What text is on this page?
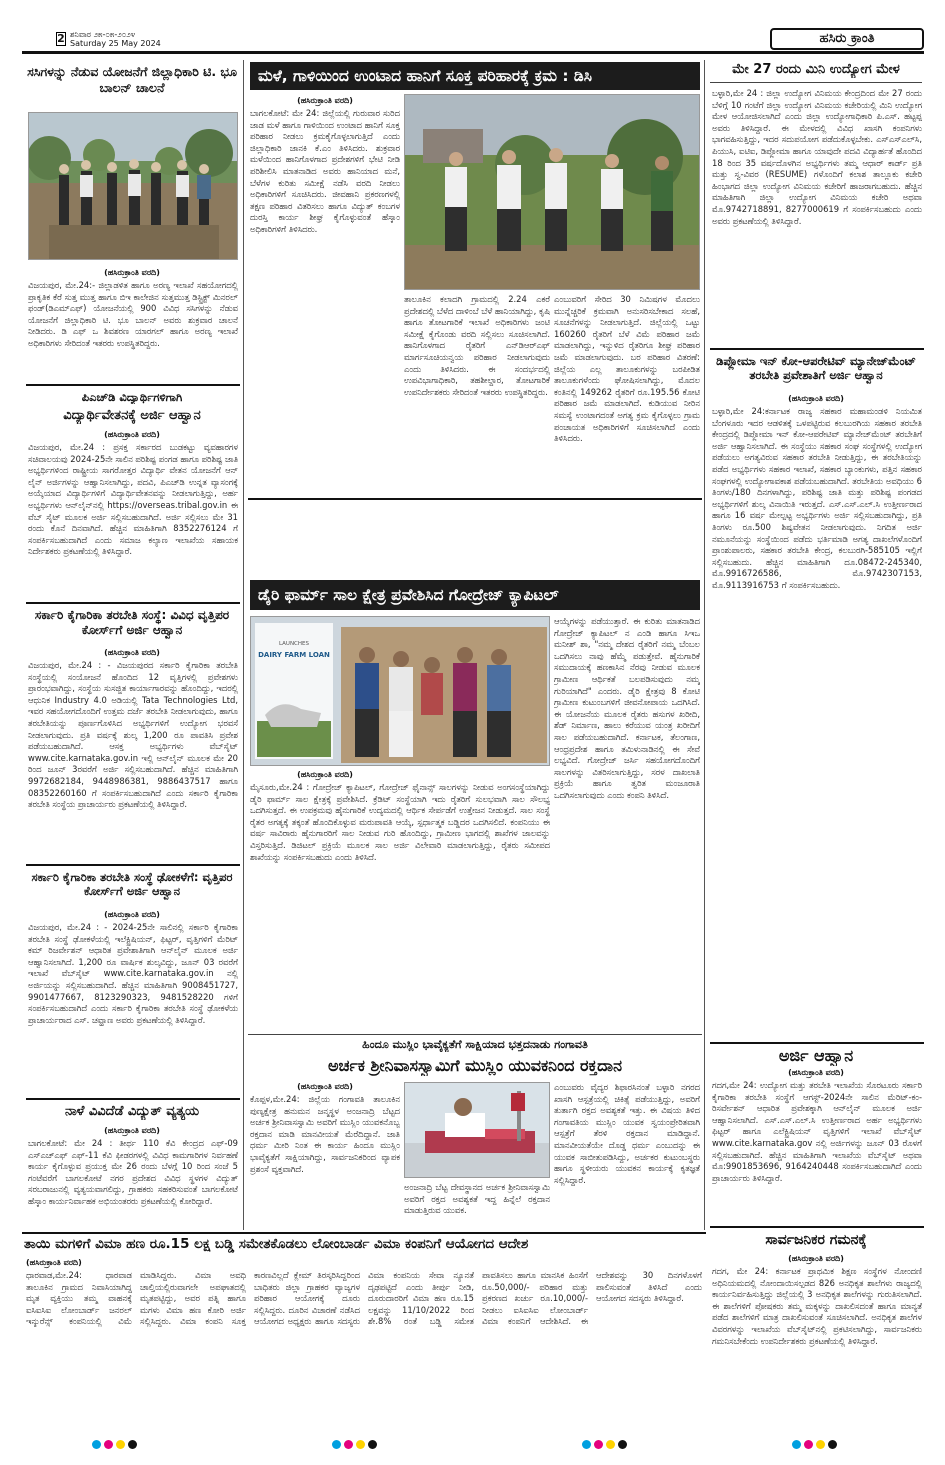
2 ಶನಿವಾರ ೨೫-೦೫-೨೦೨೪
Saturday 25 May 2024	ಹಸಿರು ಕ್ರಾಂತಿ
ಸಸಿಗಳನ್ನು ನೆಡುವ ಯೋಜನೆಗೆ ಜಿಲ್ಲಾಧಿಕಾರಿ ಟಿ. ಭೂ ಬಾಲನ್ ಚಾಲನೆ
(ಹಸಿರುಕ್ರಾಂತಿ ವರದಿ)
ವಿಜಯಪುರ, ಮೇ.24:- ಜಿಲ್ಲಾಡಳಿತ ಹಾಗೂ ಅರಣ್ಯ ಇಲಾಖೆ ಸಹಯೋಗದಲ್ಲಿ ಪ್ರಾಕೃತಿಕ ಕೆರೆ ಸುತ್ತ ಮುತ್ತ ಹಾಗೂ ಬಿಇ ಕಾಲೇಜಿನ ಸುತ್ತಮುತ್ತ ಡಿಸ್ಟ್ರಿಕ್ಟ್ ಮಿನರಲ್ ಫಂಡ್(ಡಿಎಮ್ಎಫ್) ಯೋಜನೆಯಲ್ಲಿ 900 ವಿವಿಧ ಸಸಿಗಳನ್ನು ನೆಡುವ ಯೋಜನೆಗೆ ಜಿಲ್ಲಾಧಿಕಾರಿ ಟಿ. ಭೂ ಬಾಲನ್ ಅವರು ಶುಕ್ರವಾರ ಚಾಲನೆ ನೀಡಿದರು. ಡಿ ಎಫ್ ಒ ಶಿವಶರಣ ಯಾರಗಲ್ ಹಾಗೂ ಅರಣ್ಯ ಇಲಾಖೆ ಅಧಿಕಾರಿಗಳು ಸೇರಿದಂತೆ ಇತರರು ಉಪಸ್ಥಿತರಿದ್ದರು.
ಪಿಎಚ್‌ಡಿ ವಿದ್ಯಾರ್ಥಿಗಳಿಗಾಗಿ
ವಿದ್ಯಾರ್ಥಿವೇತನಕ್ಕೆ ಅರ್ಜಿ ಆಹ್ವಾನ
(ಹಸಿರುಕ್ರಾಂತಿ ವರದಿ)
ವಿಜಯಪುರ, ಮೇ.24 : ಪ್ರಸಕ್ತ ಸರ್ಕಾರದ ಬುಡಕಟ್ಟು ವ್ಯವಹಾರಗಳ ಸಚಿವಾಲಯವು 2024-25ನೇ ಸಾಲಿನ ಪರಿಶಿಷ್ಟ ಪಂಗಡ ಹಾಗೂ ಪರಿಶಿಷ್ಟ ಜಾತಿ ಅಭ್ಯರ್ಥಿಗಳಿಂದ ರಾಷ್ಟ್ರೀಯ ಸಾಗರೋತ್ತರ ವಿದ್ಯಾರ್ಥಿ ವೇತನ ಯೋಜನೆಗೆ ಆನ್ ಲೈನ್ ಅರ್ಜಿಗಳನ್ನು ಆಹ್ವಾನಿಸಲಾಗಿದ್ದು, ಪದವಿ, ಪಿಎಚ್‌ಡಿ ಉನ್ನತ ವ್ಯಾಸಂಗಕ್ಕೆ ಅಯ್ಕೆಯಾದ ವಿದ್ಯಾರ್ಥಿಗಳಿಗೆ ವಿದ್ಯಾರ್ಥಿವೇತನವನ್ನು ನೀಡಲಾಗುತ್ತಿದ್ದು, ಅರ್ಹ ಅಭ್ಯರ್ಥಿಗಳು ಆನ್‌ಲೈನ್‌ನಲ್ಲಿ https://overseas.tribal.gov.in ಈ ವೆಬ್ ಸೈಟ್ ಮೂಲಕ ಅರ್ಜಿ ಸಲ್ಲಿಸಬಹುದಾಗಿದೆ. ಅರ್ಜಿ ಸಲ್ಲಿಸಲು ಮೇ 31 ರಂದು ಕೊನೆ ದಿನವಾಗಿದೆ. ಹೆಚ್ಚಿನ ಮಾಹಿತಿಗಾಗಿ 8352276124 ಗೆ ಸಂಪರ್ಕಿಸಬಹುದಾಗಿದೆ ಎಂದು ಸಮಾಜ ಕಲ್ಯಾಣ ಇಲಾಖೆಯ ಸಹಾಯಕ ನಿರ್ದೇಶಕರು ಪ್ರಕಟಣೆಯಲ್ಲಿ ತಿಳಿಸಿದ್ದಾರೆ.
ಸರ್ಕಾರಿ ಕೈಗಾರಿಕಾ ತರಬೇತಿ ಸಂಸ್ಥೆ: ವಿವಿಧ ವೃತ್ತಿಪರ ಕೋರ್ಸ್‌ಗೆ ಅರ್ಜಿ ಆಹ್ವಾನ
(ಹಸಿರುಕ್ರಾಂತಿ ವರದಿ)
ವಿಜಯಪುರ, ಮೇ.24 : - ವಿಜಯಪುರದ ಸರ್ಕಾರಿ ಕೈಗಾರಿಕಾ ತರಬೇತಿ ಸಂಸ್ಥೆಯಲ್ಲಿ ಸಂಯೋಜನೆ ಹೊಂದಿದ 12 ವೃತ್ತಿಗಳಲ್ಲಿ ಪ್ರವೇಶಗಳು ಪ್ರಾರಂಭವಾಗಿದ್ದು, ಸಂಸ್ಥೆಯ ಸುಸಜ್ಜಿತ ಕಾರ್ಯಾಗಾರವನ್ನು ಹೊಂದಿದ್ದು, ಇದರಲ್ಲಿ ಆಧುನಿಕ Industry 4.0 ಅಡಿಯಲ್ಲಿ Tata Technologies Ltd, ಇವರ ಸಹಯೋಗದೊಂದಿಗೆ ಉತ್ತಮ ದರ್ಜೆ ತರಬೇತಿ ನೀಡಲಾಗುವುದು, ಹಾಗೂ ತರಬೇತಿಯನ್ನು ಪೂರ್ಣಗೊಳಿಸಿದ ಅಭ್ಯರ್ಥಿಗಳಿಗೆ ಉದ್ಯೋಗ ಭರವಸೆ ನೀಡಲಾಗುವುದು. ಪ್ರತಿ ವರ್ಷಕ್ಕೆ ಶುಲ್ಕ 1,200 ರೂ ಪಾವತಿಸಿ ಪ್ರವೇಶ ಪಡೆಯಬಹುದಾಗಿದೆ. ಆಸಕ್ತ ಅಭ್ಯರ್ಥಿಗಳು ವೆಬ್‌ಸೈಟ್ www.cite.karnataka.gov.in ಇಲ್ಲಿ ಆನ್‌ಲೈನ್ ಮೂಲಕ ಮೇ 20 ರಿಂದ ಜೂನ್ 3ರವರೆಗೆ ಅರ್ಜಿ ಸಲ್ಲಿಸಬಹುದಾಗಿದೆ. ಹೆಚ್ಚಿನ ಮಾಹಿತಿಗಾಗಿ 9972682184, 9448986381, 9886437517 ಹಾಗೂ 08352260160 ಗೆ ಸಂಪರ್ಕಿಸಬಹುದಾಗಿದೆ ಎಂದು ಸರ್ಕಾರಿ ಕೈಗಾರಿಕಾ ತರಬೇತಿ ಸಂಸ್ಥೆಯ ಪ್ರಾಚಾರ್ಯರು ಪ್ರಕಟಣೆಯಲ್ಲಿ ತಿಳಿಸಿದ್ದಾರೆ.
ಸರ್ಕಾರಿ ಕೈಗಾರಿಕಾ ತರಬೇತಿ ಸಂಸ್ಥೆ ಢೋಕಳೆಗೆ: ವೃತ್ತಿಪರ ಕೋರ್ಸ್‌ಗೆ ಅರ್ಜಿ ಆಹ್ವಾನ
(ಹಸಿರುಕ್ರಾಂತಿ ವರದಿ)
ವಿಜಯಪುರ, ಮೇ.24 : - 2024-25ನೇ ಸಾಲಿನಲ್ಲಿ ಸರ್ಕಾರಿ ಕೈಗಾರಿಕಾ ತರಬೇತಿ ಸಂಸ್ಥೆ ಢೋಕಳೆಯಲ್ಲಿ ಇಲೆಕ್ಟ್ರಿಷಿಯನ್, ಫಿಟ್ಟರ್, ವೃತ್ತಿಗಳಿಗೆ ಮೆರಿಟ್ ಕಮ್ ರಿಜರ್ವೇಶನ್ ಆಧಾರಿತ ಪ್ರವೇಶಾತಿಗಾಗಿ ಆನ್‌ಲೈನ್ ಮೂಲಕ ಅರ್ಜಿ ಆಹ್ವಾನಿಸಲಾಗಿದೆ. 1,200 ರೂ ವಾರ್ಷಿಕ ಶುಲ್ಕವಿದ್ದು, ಜೂನ್ 03 ರವರೆಗೆ ಇಲಾಖೆ ವೆಬ್‌ಸೈಟ್ www.cite.karnataka.gov.in ನಲ್ಲಿ ಅರ್ಜಿಯನ್ನು ಸಲ್ಲಿಸಬಹುದಾಗಿದೆ. ಹೆಚ್ಚಿನ ಮಾಹಿತಿಗಾಗಿ 9008451727, 9901477667, 8123290323, 9481528220 ಗಳಿಗೆ ಸಂಪರ್ಕಿಸಬಹುದಾಗಿದೆ ಎಂದು ಸರ್ಕಾರಿ ಕೈಗಾರಿಕಾ ತರಬೇತಿ ಸಂಸ್ಥೆ ಢೋಕಳೆಯ ಪ್ರಾಚಾರ್ಯರಾದ ಎಸ್. ಚವ್ಹಾಣ ಅವರು ಪ್ರಕಟಣೆಯಲ್ಲಿ ತಿಳಿಸಿದ್ದಾರೆ.
ನಾಳೆ ವಿವಿದೆಡೆ ವಿದ್ಯುತ್ ವ್ಯತ್ಯಯ
(ಹಸಿರುಕ್ರಾಂತಿ ವರದಿ)
ಬಾಗಲಕೋಟೆ: ಮೇ 24 : ತೀರ್ಥ 110 ಕೆವಿ ಕೇಂದ್ರದ ಎಫ್-09 ಎಸ್‌ಎಚ್‌ಎಫ್ ಎಫ್-11 ಕೆವಿ ಫೀಡರಗಳಲ್ಲಿ ವಿವಿಧ ಕಾಮಗಾರಿಗಳ ನಿರ್ವಹಣೆ ಕಾರ್ಯ ಕೈಗೊಳ್ಳುವ ಪ್ರಯುಕ್ತ ಮೇ 26 ರಂದು ಬೆಳಗ್ಗೆ 10 ರಿಂದ ಸಂಜೆ 5 ಗಂಟೆವರೆಗೆ ಬಾಗಲಕೋಟೆ ನಗರ ಪ್ರದೇಶದ ವಿವಿಧ ಸ್ಥಳಗಳ ವಿದ್ಯುತ್ ಸರಬರಾಜುನಲ್ಲಿ ವ್ಯತ್ಯಯವಾಗಲಿದ್ದು, ಗ್ರಾಹಕರು ಸಹಕರಿಸುವಂತೆ ಬಾಗಲಕೋಟೆ ಹೆಸ್ಕಾಂ ಕಾರ್ಯನಿರ್ವಾಹಕ ಅಭಿಯಂತರರು ಪ್ರಕಟಣೆಯಲ್ಲಿ ಕೋರಿದ್ದಾರೆ.
ಮಳೆ, ಗಾಳಿಯಿಂದ ಉಂಟಾದ ಹಾನಿಗೆ ಸೂಕ್ತ ಪರಿಹಾರಕ್ಕೆ ಕ್ರಮ : ಡಿಸಿ
(ಹಸಿರುಕ್ರಾಂತಿ ವರದಿ)
ಬಾಗಲಕೋಟೆ: ಮೇ 24: ಜಿಲ್ಲೆಯಲ್ಲಿ ಗುರುವಾರ ಸುರಿದ ಜಾಡ ಮಳೆ ಹಾಗೂ ಗಾಳಿಯಿಂದ ಉಂಟಾದ ಹಾನಿಗೆ ಸೂಕ್ತ ಪರಿಹಾರ ನೀಡಲು ಕ್ರಮಕೈಗೊಳ್ಳಲಾಗುತ್ತಿದೆ ಎಂದು ಜಿಲ್ಲಾಧಿಕಾರಿ ಜಾನಕಿ ಕೆ.ಎಂ ತಿಳಿಸಿದರು. ಶುಕ್ರವಾರ ಮಳೆಯಿಂದ ಹಾನಿಗೊಳಗಾದ ಪ್ರದೇಶಗಳಿಗೆ ಭೇಟಿ ನೀಡಿ ಪರಿಶೀಲಿಸಿ ಮಾತನಾಡಿದ ಅವರು ಹಾನಿಯಾದ ಮನೆ, ಬೆಳೆಗಳ ಕುರಿತು ಸಮೀಕ್ಷೆ ನಡೆಸಿ ವರದಿ ನೀಡಲು ಅಧಿಕಾರಿಗಳಿಗೆ ಸೂಚಿಸಿದರು. ಜೀವಹಾನಿ ಪ್ರಕರಣಗಳಲ್ಲಿ ತಕ್ಷಣ ಪರಿಹಾರ ವಿತರಿಸಲು ಹಾಗೂ ವಿದ್ಯುತ್ ಕಂಬಗಳ ದುರಸ್ತಿ ಕಾರ್ಯ ಶೀಘ್ರ ಕೈಗೊಳ್ಳುವಂತೆ ಹೆಸ್ಕಾಂ ಅಧಿಕಾರಿಗಳಿಗೆ ತಿಳಿಸಿದರು.
ತಾಲೂಕಿನ ಕಲಾದಗಿ ಗ್ರಾಮದಲ್ಲಿ 2.24 ಎಕರೆ ಪ್ರದೇಶದಲ್ಲಿ ಬೆಳೆದ ದಾಳಿಂಬೆ ಬೆಳೆ ಹಾನಿಯಾಗಿದ್ದು, ಕೃಷಿ ಹಾಗೂ ತೋಟಗಾರಿಕೆ ಇಲಾಖೆ ಅಧಿಕಾರಿಗಳು ಜಂಟಿ ಸಮೀಕ್ಷೆ ಕೈಗೊಂಡು ವರದಿ ಸಲ್ಲಿಸಲು ಸೂಚಿಸಲಾಗಿದೆ. ಹಾನಿಗೊಳಗಾದ ರೈತರಿಗೆ ಎನ್‌ಡಿಆರ್‌ಎಫ್ ಮಾರ್ಗಸೂಚಿಯನ್ವಯ ಪರಿಹಾರ ನೀಡಲಾಗುವುದು ಎಂದು ತಿಳಿಸಿದರು. ಈ ಸಂದರ್ಭದಲ್ಲಿ ಉಪವಿಭಾಗಾಧಿಕಾರಿ, ತಹಶೀಲ್ದಾರ, ತೋಟಗಾರಿಕೆ ಉಪನಿರ್ದೇಶಕರು ಸೇರಿದಂತೆ ಇತರರು ಉಪಸ್ಥಿತರಿದ್ದರು.
ಎಂಬುವರಿಗೆ ಸೇರಿದ 30 ನಿಮಿಷಗಳ ಮೊದಲು ಮುನ್ನೆಚ್ಚರಿಕೆ ಕ್ರಮವಾಗಿ ಅನುಸರಿಸಬೇಕಾದ ಸಲಹೆ, ಸೂಚನೆಗಳನ್ನು ನೀಡಲಾಗುತ್ತಿದೆ. ಜಿಲ್ಲೆಯಲ್ಲಿ ಒಟ್ಟು 160260 ರೈತರಿಗೆ ಬೆಳೆ ವಿಮೆ ಪರಿಹಾರ ಜಮೆ ಮಾಡಲಾಗಿದ್ದು, ಇನ್ನುಳಿದ ರೈತರಿಗೂ ಶೀಘ್ರ ಪರಿಹಾರ ಜಮೆ ಮಾಡಲಾಗುವುದು. ಬರ ಪರಿಹಾರ ವಿತರಣೆ: ಜಿಲ್ಲೆಯ ಎಲ್ಲ ತಾಲೂಕುಗಳನ್ನು ಬರಪೀಡಿತ ತಾಲೂಕುಗಳೆಂದು ಘೋಷಿಸಲಾಗಿದ್ದು, ಮೊದಲ ಕಂತಿನಲ್ಲಿ 149262 ರೈತರಿಗೆ ರೂ.195.56 ಕೋಟಿ ಪರಿಹಾರ ಜಮೆ ಮಾಡಲಾಗಿದೆ. ಕುಡಿಯುವ ನೀರಿನ ಸಮಸ್ಯೆ ಉಂಟಾಗದಂತೆ ಅಗತ್ಯ ಕ್ರಮ ಕೈಗೊಳ್ಳಲು ಗ್ರಾಮ ಪಂಚಾಯತ ಅಧಿಕಾರಿಗಳಿಗೆ ಸೂಚಿಸಲಾಗಿದೆ ಎಂದು ತಿಳಿಸಿದರು.
ಡೈರಿ ಫಾರ್ಮ್ ಸಾಲ ಕ್ಷೇತ್ರ ಪ್ರವೇಶಿಸಿದ ಗೋದ್ರೇಜ್ ಕ್ಯಾಪಿಟಲ್
LAUNCHES
DAIRY FARM LOAN
(ಹಸಿರುಕ್ರಾಂತಿ ವರದಿ)
ಆಯ್ಕೆಗಳನ್ನು ಪಡೆಯುತ್ತಾರೆ. ಈ ಕುರಿತು ಮಾತನಾಡಿದ ಗೋದ್ರೇಜ್ ಕ್ಯಾಪಿಟಲ್ ನ ಎಂಡಿ ಹಾಗೂ ಸಿಇಒ ಮನೀಶ್ ಶಾ, "ನಮ್ಮ ದೇಶದ ರೈತರಿಗೆ ನಮ್ಮ ಬೆಂಬಲ ಒದಗಿಸಲು ನಾವು ಹೆಮ್ಮೆ ಪಡುತ್ತೇವೆ. ಹೈನುಗಾರಿಕೆ ಸಮುದಾಯಕ್ಕೆ ಹಣಕಾಸಿನ ನೆರವು ನೀಡುವ ಮೂಲಕ ಗ್ರಾಮೀಣ ಆರ್ಥಿಕತೆ ಬಲಪಡಿಸುವುದು ನಮ್ಮ ಗುರಿಯಾಗಿದೆ" ಎಂದರು. ಡೈರಿ ಕ್ಷೇತ್ರವು 8 ಕೋಟಿ ಗ್ರಾಮೀಣ ಕುಟುಂಬಗಳಿಗೆ ಜೀವನೋಪಾಯ ಒದಗಿಸಿದೆ. ಈ ಯೋಜನೆಯ ಮೂಲಕ ರೈತರು ಹಸುಗಳ ಖರೀದಿ, ಶೆಡ್ ನಿರ್ಮಾಣ, ಹಾಲು ಕರೆಯುವ ಯಂತ್ರ ಖರೀದಿಗೆ ಸಾಲ ಪಡೆಯಬಹುದಾಗಿದೆ. ಕರ್ನಾಟಕ, ತೆಲಂಗಾಣ, ಆಂಧ್ರಪ್ರದೇಶ ಹಾಗೂ ತಮಿಳುನಾಡಿನಲ್ಲಿ ಈ ಸೇವೆ ಲಭ್ಯವಿದೆ. ಗೋದ್ರೇಜ್ ಜರ್ಸಿ ಸಹಯೋಗದೊಂದಿಗೆ ಸಾಲಗಳನ್ನು ವಿತರಿಸಲಾಗುತ್ತಿದ್ದು, ಸರಳ ದಾಖಲಾತಿ ಪ್ರಕ್ರಿಯೆ ಹಾಗೂ ತ್ವರಿತ ಮಂಜೂರಾತಿ ಒದಗಿಸಲಾಗುವುದು ಎಂದು ಕಂಪನಿ ತಿಳಿಸಿದೆ.
ಮೈಸೂರು,ಮೇ.24 : ಗೋದ್ರೇಜ್ ಕ್ಯಾಪಿಟಲ್, ಗೋದ್ರೇಜ್ ಫೈನಾನ್ಸ್ ಸಾಲಗಳನ್ನು ನೀಡುವ ಅಂಗಸಂಸ್ಥೆಯಾಗಿದ್ದು ಡೈರಿ ಫಾರ್ಮ್ ಸಾಲ ಕ್ಷೇತ್ರಕ್ಕೆ ಪ್ರವೇಶಿಸಿದೆ. ಕ್ರೆಡಿಟ್ ಸಂಸ್ಥೆಯಾಗಿ ಇದು ರೈತರಿಗೆ ಸುಲಭವಾಗಿ ಸಾಲ ಸೌಲಭ್ಯ ಒದಗಿಸುತ್ತದೆ. ಈ ಉಪಕ್ರಮವು ಹೈನುಗಾರಿಕೆ ಉದ್ಯಮದಲ್ಲಿ ಆರ್ಥಿಕ ಸೇರ್ಪಡೆಗೆ ಉತ್ತೇಜನ ನೀಡುತ್ತದೆ. ಸಾಲ ಸಂಸ್ಥೆ ರೈತರ ಅಗತ್ಯಕ್ಕೆ ತಕ್ಕಂತೆ ಹೊಂದಿಕೊಳ್ಳುವ ಮರುಪಾವತಿ ಆಯ್ಕೆ, ಸ್ಪರ್ಧಾತ್ಮಕ ಬಡ್ಡಿದರ ಒದಗಿಸಲಿದೆ. ಕಂಪನಿಯು ಈ ವರ್ಷ ಸಾವಿರಾರು ಹೈನುಗಾರರಿಗೆ ಸಾಲ ನೀಡುವ ಗುರಿ ಹೊಂದಿದ್ದು, ಗ್ರಾಮೀಣ ಭಾಗದಲ್ಲಿ ಶಾಖೆಗಳ ಜಾಲವನ್ನು ವಿಸ್ತರಿಸುತ್ತಿದೆ. ಡಿಜಿಟಲ್ ಪ್ರಕ್ರಿಯೆ ಮೂಲಕ ಸಾಲ ಅರ್ಜಿ ವಿಲೇವಾರಿ ಮಾಡಲಾಗುತ್ತಿದ್ದು, ರೈತರು ಸಮೀಪದ ಶಾಖೆಯನ್ನು ಸಂಪರ್ಕಿಸಬಹುದು ಎಂದು ತಿಳಿಸಿದೆ.
ಹಿಂದೂ ಮುಸ್ಲಿಂ ಭಾವೈಕ್ಯತೆಗೆ ಸಾಕ್ಷಿಯಾದ ಭತ್ತದನಾಡು ಗಂಗಾವತಿ
ಅರ್ಚಕ ಶ್ರೀನಿವಾಸಸ್ವಾಮಿಗೆ ಮುಸ್ಲಿಂ ಯುವಕನಿಂದ ರಕ್ತದಾನ
(ಹಸಿರುಕ್ರಾಂತಿ ವರದಿ)
ಕೊಪ್ಪಳ,ಮೇ.24: ಜಿಲ್ಲೆಯ ಗಂಗಾವತಿ ತಾಲೂಕಿನ ಪುಣ್ಯಕ್ಷೇತ್ರ ಹನುಮನ ಜನ್ಮಸ್ಥಳ ಅಂಜನಾದ್ರಿ ಬೆಟ್ಟದ ಅರ್ಚಕ ಶ್ರೀನಿವಾಸಸ್ವಾಮಿ ಅವರಿಗೆ ಮುಸ್ಲಿಂ ಯುವಕನೊಬ್ಬ ರಕ್ತದಾನ ಮಾಡಿ ಮಾನವೀಯತೆ ಮೆರೆದಿದ್ದಾನೆ. ಜಾತಿ ಧರ್ಮ ಮೀರಿ ನಿಂತ ಈ ಕಾರ್ಯ ಹಿಂದೂ ಮುಸ್ಲಿಂ ಭಾವೈಕ್ಯತೆಗೆ ಸಾಕ್ಷಿಯಾಗಿದ್ದು, ಸಾರ್ವಜನಿಕರಿಂದ ವ್ಯಾಪಕ ಪ್ರಶಂಸೆ ವ್ಯಕ್ತವಾಗಿದೆ.
ಅಂಜನಾದ್ರಿ ಬೆಟ್ಟ ದೇವಸ್ಥಾನದ ಅರ್ಚಕ ಶ್ರೀನಿವಾಸಸ್ವಾಮಿ ಅವರಿಗೆ ರಕ್ತದ ಅವಶ್ಯಕತೆ ಇದ್ದ ಹಿನ್ನೆಲೆ ರಕ್ತದಾನ ಮಾಡುತ್ತಿರುವ ಯುವಕ.
ಎಂಬುವರು ವೈದ್ಯರ ಶಿಫಾರಸಿನಂತೆ ಬಳ್ಳಾರಿ ನಗರದ ಖಾಸಗಿ ಆಸ್ಪತ್ರೆಯಲ್ಲಿ ಚಿಕಿತ್ಸೆ ಪಡೆಯುತ್ತಿದ್ದು, ಅವರಿಗೆ ತುರ್ತಾಗಿ ರಕ್ತದ ಅವಶ್ಯಕತೆ ಇತ್ತು. ಈ ವಿಷಯ ತಿಳಿದ ಗಂಗಾವತಿಯ ಮುಸ್ಲಿಂ ಯುವಕ ಸ್ವಯಂಪ್ರೇರಿತವಾಗಿ ಆಸ್ಪತ್ರೆಗೆ ತೆರಳಿ ರಕ್ತದಾನ ಮಾಡಿದ್ದಾನೆ. ಮಾನವೀಯತೆಯೇ ದೊಡ್ಡ ಧರ್ಮ ಎಂಬುದನ್ನು ಈ ಯುವಕ ಸಾಬೀತುಪಡಿಸಿದ್ದು, ಅರ್ಚಕರ ಕುಟುಂಬಸ್ಥರು ಹಾಗೂ ಸ್ಥಳೀಯರು ಯುವಕನ ಕಾರ್ಯಕ್ಕೆ ಕೃತಜ್ಞತೆ ಸಲ್ಲಿಸಿದ್ದಾರೆ.
ಮೇ 27 ರಂದು ಮಿನಿ ಉದ್ಯೋಗ ಮೇಳ
ಬಳ್ಳಾರಿ,ಮೇ 24 : ಜಿಲ್ಲಾ ಉದ್ಯೋಗ ವಿನಿಮಯ ಕೇಂದ್ರದಿಂದ ಮೇ 27 ರಂದು ಬೆಳಿಗ್ಗೆ 10 ಗಂಟೆಗೆ ಜಿಲ್ಲಾ ಉದ್ಯೋಗ ವಿನಿಮಯ ಕಚೇರಿಯಲ್ಲಿ ಮಿನಿ ಉದ್ಯೋಗ ಮೇಳ ಆಯೋಜಿಸಲಾಗಿದೆ ಎಂದು ಜಿಲ್ಲಾ ಉದ್ಯೋಗಾಧಿಕಾರಿ ಪಿ.ಎಸ್. ಹಟ್ಟಪ್ಪ ಅವರು ತಿಳಿಸಿದ್ದಾರೆ. ಈ ಮೇಳದಲ್ಲಿ ವಿವಿಧ ಖಾಸಗಿ ಕಂಪನಿಗಳು ಭಾಗವಹಿಸುತ್ತಿದ್ದು, ಇದರ ಸದುಪಯೋಗ ಪಡೆದುಕೊಳ್ಳಬೇಕು. ಎಸ್ಎಸ್ಎಲ್‌ಸಿ, ಪಿಯುಸಿ, ಐಟಿಐ, ಡಿಪ್ಲೋಮಾ ಹಾಗೂ ಯಾವುದೇ ಪದವಿ ವಿದ್ಯಾರ್ಹತೆ ಹೊಂದಿದ 18 ರಿಂದ 35 ವರ್ಷದೊಳಗಿನ ಅಭ್ಯರ್ಥಿಗಳು ತಮ್ಮ ಆಧಾರ್ ಕಾರ್ಡ್ ಪ್ರತಿ ಮತ್ತು ಸ್ವ-ವಿವರ (RESUME) ಗಳೊಂದಿಗೆ ಕಲಾಶ ತಾಲ್ಲೂಕು ಕಚೇರಿ ಹಿಂಭಾಗದ ಜಿಲ್ಲಾ ಉದ್ಯೋಗ ವಿನಿಮಯ ಕಚೇರಿಗೆ ಹಾಜರಾಗಬಹುದು. ಹೆಚ್ಚಿನ ಮಾಹಿತಿಗಾಗಿ ಜಿಲ್ಲಾ ಉದ್ಯೋಗ ವಿನಿಮಯ ಕಚೇರಿ ಅಥವಾ ಮೊ.9742718891, 8277000619 ಗೆ ಸಂಪರ್ಕಿಸಬಹುದು ಎಂದು ಅವರು ಪ್ರಕಟಣೆಯಲ್ಲಿ ತಿಳಿಸಿದ್ದಾರೆ.
ಡಿಪ್ಲೋಮಾ ಇನ್ ಕೋ-ಆಪರೇಟಿವ್ ಮ್ಯಾನೇಜ್‌ಮೆಂಟ್ ತರಬೇತಿ ಪ್ರವೇಶಾತಿಗೆ ಅರ್ಜಿ ಆಹ್ವಾನ
(ಹಸಿರುಕ್ರಾಂತಿ ವರದಿ)
ಬಳ್ಳಾರಿ,ಮೇ 24:ಕರ್ನಾಟಕ ರಾಜ್ಯ ಸಹಕಾರ ಮಹಾಮಂಡಳಿ ನಿಯಮಿತ ಬೆಂಗಳೂರು ಇದರ ಆಡಳಿತಕ್ಕೆ ಒಳಪಟ್ಟಿರುವ ಕಲಬುರಗಿಯ ಸಹಕಾರ ತರಬೇತಿ ಕೇಂದ್ರದಲ್ಲಿ ಡಿಪ್ಲೋಮಾ ಇನ್ ಕೋ-ಆಪರೇಟಿವ್ ಮ್ಯಾನೇಜ್‌ಮೆಂಟ್ ತರಬೇತಿಗೆ ಅರ್ಜಿ ಆಹ್ವಾನಿಸಲಾಗಿದೆ. ಈ ಸಂಸ್ಥೆಯು ಸಹಕಾರ ಸಂಘ ಸಂಸ್ಥೆಗಳಲ್ಲಿ ಉದ್ಯೋಗ ಪಡೆಯಲು ಅಗತ್ಯವಿರುವ ಸಹಕಾರ ತರಬೇತಿ ನೀಡುತ್ತಿದ್ದು, ಈ ತರಬೇತಿಯನ್ನು ಪಡೆದ ಅಭ್ಯರ್ಥಿಗಳು ಸಹಕಾರ ಇಲಾಖೆ, ಸಹಕಾರ ಬ್ಯಾಂಕುಗಳು, ಪತ್ತಿನ ಸಹಕಾರ ಸಂಘಗಳಲ್ಲಿ ಉದ್ಯೋಗಾವಕಾಶ ಪಡೆಯಬಹುದಾಗಿದೆ. ತರಬೇತಿಯ ಅವಧಿಯು 6 ತಿಂಗಳು/180 ದಿನಗಳಾಗಿದ್ದು, ಪರಿಶಿಷ್ಟ ಜಾತಿ ಮತ್ತು ಪರಿಶಿಷ್ಟ ಪಂಗಡದ ಅಭ್ಯರ್ಥಿಗಳಿಗೆ ಶುಲ್ಕ ವಿನಾಯಿತಿ ಇರುತ್ತದೆ. ಎಸ್.ಎಸ್.ಎಲ್.ಸಿ ಉತ್ತೀರ್ಣರಾದ ಹಾಗೂ 16 ವರ್ಷ ಮೇಲ್ಪಟ್ಟ ಅಭ್ಯರ್ಥಿಗಳು ಅರ್ಜಿ ಸಲ್ಲಿಸಬಹುದಾಗಿದ್ದು, ಪ್ರತಿ ತಿಂಗಳು ರೂ.500 ಶಿಷ್ಯವೇತನ ನೀಡಲಾಗುವುದು. ನಿಗದಿತ ಅರ್ಜಿ ನಮೂನೆಯನ್ನು ಸಂಸ್ಥೆಯಿಂದ ಪಡೆದು ಭರ್ತಿಮಾಡಿ ಅಗತ್ಯ ದಾಖಲೆಗಳೊಂದಿಗೆ ಪ್ರಾಂಶುಪಾಲರು, ಸಹಕಾರ ತರಬೇತಿ ಕೇಂದ್ರ, ಕಲಬುರಗಿ-585105 ಇಲ್ಲಿಗೆ ಸಲ್ಲಿಸಬಹುದು. ಹೆಚ್ಚಿನ ಮಾಹಿತಿಗಾಗಿ ದೂ.08472-245340, ಮೊ.9916726586, ಮೊ.9742307153, ಮೊ.9113916753 ಗೆ ಸಂಪರ್ಕಿಸಬಹುದು.
ಅರ್ಜಿ ಆಹ್ವಾನ
(ಹಸಿರುಕ್ರಾಂತಿ ವರದಿ)
ಗದಗ,ಮೇ 24: ಉದ್ಯೋಗ ಮತ್ತು ತರಬೇತಿ ಇಲಾಖೆಯ ಸೊರಟೂರು ಸರ್ಕಾರಿ ಕೈಗಾರಿಕಾ ತರಬೇತಿ ಸಂಸ್ಥೆಗೆ ಆಗಸ್ಟ್-2024ನೇ ಸಾಲಿನ ಮೆರಿಟ್-ಕಂ-ರಿಸರ್ವೇಶನ್ ಆಧಾರಿತ ಪ್ರವೇಶಕ್ಕಾಗಿ ಆನ್‌ಲೈನ್ ಮೂಲಕ ಅರ್ಜಿ ಆಹ್ವಾನಿಸಲಾಗಿದೆ. ಎಸ್.ಎಸ್.ಎಲ್.ಸಿ ಉತ್ತೀರ್ಣರಾದ ಅರ್ಹ ಅಭ್ಯರ್ಥಿಗಳು ಫಿಟ್ಟರ್ ಹಾಗೂ ಎಲೆಕ್ಟ್ರಿಷಿಯನ್ ವೃತ್ತಿಗಳಿಗೆ ಇಲಾಖೆ ವೆಬ್‌ಸೈಟ್ www.cite.karnataka.gov ನಲ್ಲಿ ಅರ್ಜಿಗಳನ್ನು ಜೂನ್ 03 ರೊಳಗೆ ಸಲ್ಲಿಸಬಹುದಾಗಿದೆ. ಹೆಚ್ಚಿನ ಮಾಹಿತಿಗಾಗಿ ಇಲಾಖೆಯ ವೆಬ್‌ಸೈಟ್ ಅಥವಾ ಮೊ:9901853696, 9164240448 ಸಂಪರ್ಕಿಸಬಹುದಾಗಿದೆ ಎಂದು ಪ್ರಾಚಾರ್ಯರು ತಿಳಿಸಿದ್ದಾರೆ.
ಸಾರ್ವಜನಿಕರ ಗಮನಕ್ಕೆ
(ಹಸಿರುಕ್ರಾಂತಿ ವರದಿ)
ಗದಗ, ಮೇ 24: ಕರ್ನಾಟಕ ಪ್ರಾಥಮಿಕ ಶಿಕ್ಷಣ ಸಂಸ್ಥೆಗಳ ನೋಂದಣಿ ಅಧಿನಿಯಮದಲ್ಲಿ ನೋಂದಾಯಿಸಲ್ಪಡದ 826 ಅನಧಿಕೃತ ಶಾಲೆಗಳು ರಾಜ್ಯದಲ್ಲಿ ಕಾರ್ಯನಿರ್ವಹಿಸುತ್ತಿದ್ದು ಜಿಲ್ಲೆಯಲ್ಲಿ 3 ಅನಧಿಕೃತ ಶಾಲೆಗಳನ್ನು ಗುರುತಿಸಲಾಗಿದೆ. ಈ ಶಾಲೆಗಳಿಗೆ ಪೋಷಕರು ತಮ್ಮ ಮಕ್ಕಳನ್ನು ದಾಖಲಿಸದಂತೆ ಹಾಗೂ ಮಾನ್ಯತೆ ಪಡೆದ ಶಾಲೆಗಳಿಗೆ ಮಾತ್ರ ದಾಖಲಿಸುವಂತೆ ಸೂಚಿಸಲಾಗಿದೆ. ಅನಧಿಕೃತ ಶಾಲೆಗಳ ವಿವರಗಳನ್ನು ಇಲಾಖೆಯ ವೆಬ್‌ಸೈಟ್‌ನಲ್ಲಿ ಪ್ರಕಟಿಸಲಾಗಿದ್ದು, ಸಾರ್ವಜನಿಕರು ಗಮನಿಸಬೇಕೆಂದು ಉಪನಿರ್ದೇಶಕರು ಪ್ರಕಟಣೆಯಲ್ಲಿ ತಿಳಿಸಿದ್ದಾರೆ.
ತಾಯಿ ಮಗಳಿಗೆ ವಿಮಾ ಹಣ ರೂ.15 ಲಕ್ಷ ಬಡ್ಡಿ ಸಮೇತಕೊಡಲು ಲೋಂಬಾರ್ಡ ವಿಮಾ ಕಂಪನಿಗೆ ಆಯೋಗದ ಆದೇಶ
(ಹಸಿರುಕ್ರಾಂತಿ ವರದಿ)
ಧಾರವಾಡ,ಮೇ.24: ಧಾರವಾಡ ತಾಲೂಕಿನ ಗ್ರಾಮದ ನಿವಾಸಿಯಾಗಿದ್ದ ಮೃತ ವ್ಯಕ್ತಿಯು ತಮ್ಮ ವಾಹನಕ್ಕೆ ಐಸಿಐಸಿಐ ಲೋಂಬಾರ್ಡ್ ಜನರಲ್ ಇನ್ಶುರೆನ್ಸ್ ಕಂಪನಿಯಲ್ಲಿ ವಿಮೆ ಮಾಡಿಸಿದ್ದರು. ವಿಮಾ ಅವಧಿ ಚಾಲ್ತಿಯಲ್ಲಿರುವಾಗಲೇ ಅಪಘಾತದಲ್ಲಿ ಮೃತಪಟ್ಟಿದ್ದು, ಅವರ ಪತ್ನಿ ಹಾಗೂ ಮಗಳು ವಿಮಾ ಹಣ ಕೋರಿ ಅರ್ಜಿ ಸಲ್ಲಿಸಿದ್ದರು. ವಿಮಾ ಕಂಪನಿ ಸೂಕ್ತ ಕಾರಣವಿಲ್ಲದೆ ಕ್ಲೇಮ್ ತಿರಸ್ಕರಿಸಿದ್ದರಿಂದ ಬಾಧಿತರು ಜಿಲ್ಲಾ ಗ್ರಾಹಕರ ವ್ಯಾಜ್ಯಗಳ ಪರಿಹಾರ ಆಯೋಗಕ್ಕೆ ದೂರು ಸಲ್ಲಿಸಿದ್ದರು. ದೂರಿನ ವಿಚಾರಣೆ ನಡೆಸಿದ ಆಯೋಗದ ಅಧ್ಯಕ್ಷರು ಹಾಗೂ ಸದಸ್ಯರು ವಿಮಾ ಕಂಪನಿಯ ಸೇವಾ ನ್ಯೂನತೆ ದೃಢಪಟ್ಟಿದೆ ಎಂದು ತೀರ್ಪು ನೀಡಿ, ದೂರುದಾರರಿಗೆ ವಿಮಾ ಹಣ ರೂ.15 ಲಕ್ಷವನ್ನು 11/10/2022 ರಿಂದ ಶೇ.8% ರಂತೆ ಬಡ್ಡಿ ಸಮೇತ ಪಾವತಿಸಲು ಹಾಗೂ ಮಾನಸಿಕ ಹಿಂಸೆಗೆ ರೂ.50,000/- ಪರಿಹಾರ ಮತ್ತು ಪ್ರಕರಣದ ಖರ್ಚು ರೂ.10,000/- ನೀಡಲು ಐಸಿಐಸಿಐ ಲೋಂಬಾರ್ಡ್ ವಿಮಾ ಕಂಪನಿಗೆ ಆದೇಶಿಸಿದೆ. ಈ ಆದೇಶವನ್ನು 30 ದಿನಗಳೊಳಗೆ ಪಾಲಿಸುವಂತೆ ತಿಳಿಸಿದೆ ಎಂದು ಆಯೋಗದ ಸದಸ್ಯರು ತಿಳಿಸಿದ್ದಾರೆ.
